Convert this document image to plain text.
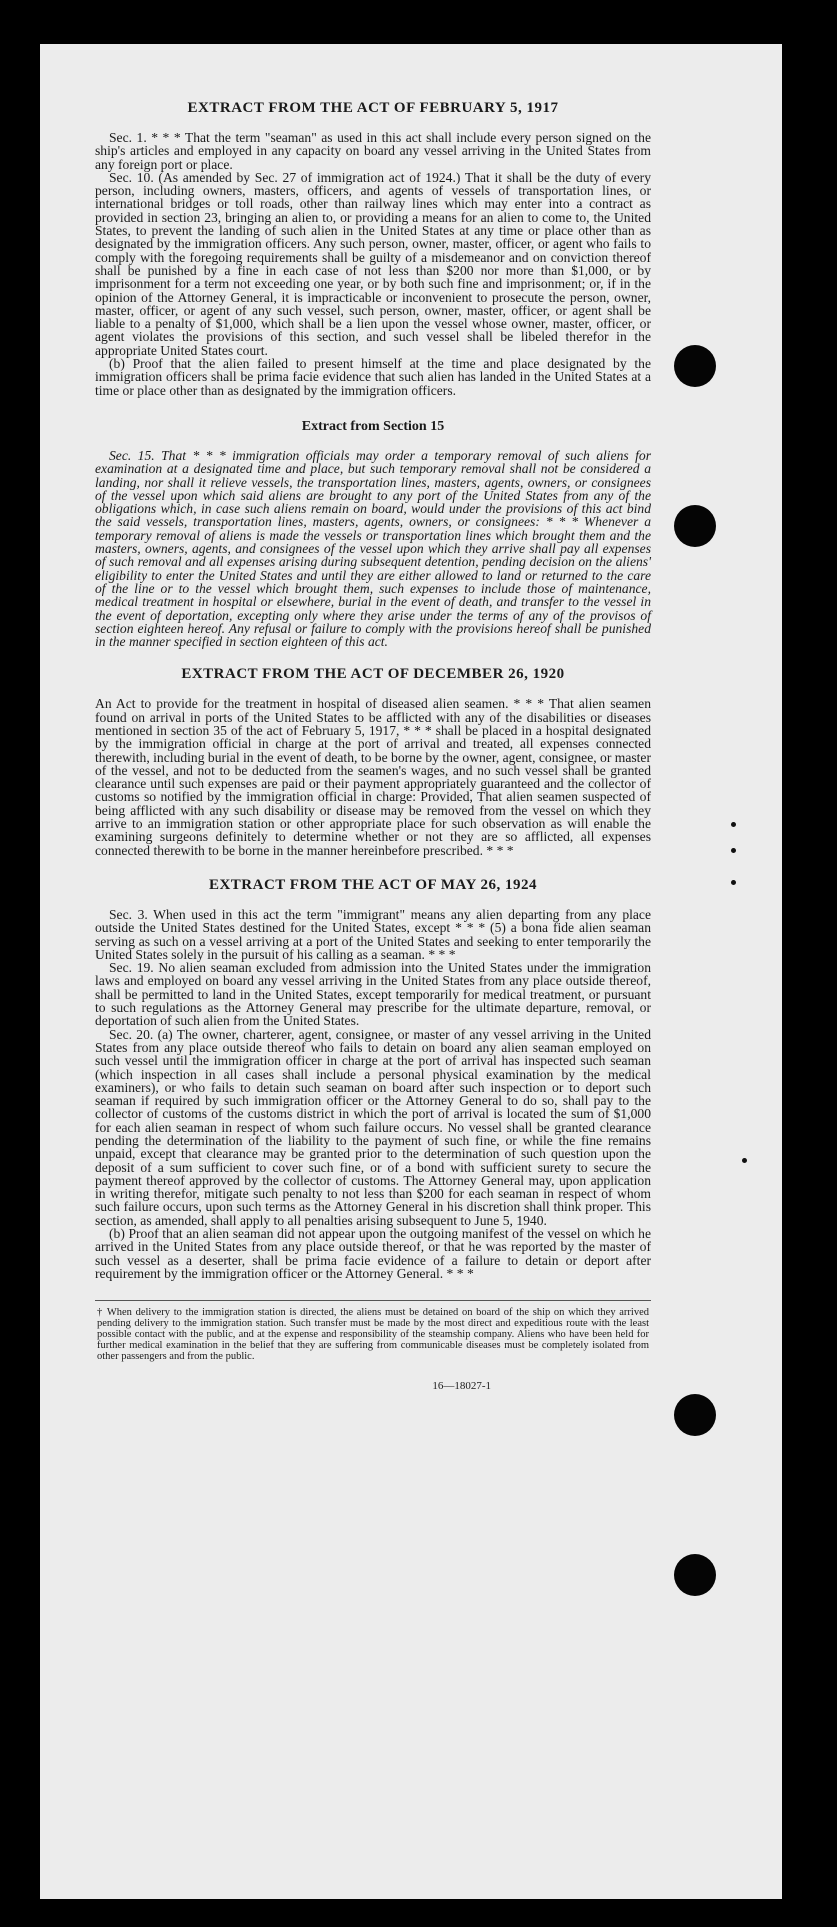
EXTRACT FROM THE ACT OF FEBRUARY 5, 1917

Sec. 1. * * * That the term "seaman" as used in this act shall include every person signed on the ship's articles and employed in any capacity on board any vessel arriving in the United States from any foreign port or place.

Sec. 10. (As amended by Sec. 27 of immigration act of 1924.) That it shall be the duty of every person, including owners, masters, officers, and agents of vessels of transportation lines, or international bridges or toll roads, other than railway lines which may enter into a contract as provided in section 23, bringing an alien to, or providing a means for an alien to come to, the United States, to prevent the landing of such alien in the United States at any time or place other than as designated by the immigration officers. Any such person, owner, master, officer, or agent who fails to comply with the foregoing requirements shall be guilty of a misdemeanor and on conviction thereof shall be punished by a fine in each case of not less than $200 nor more than $1,000, or by imprisonment for a term not exceeding one year, or by both such fine and imprisonment; or, if in the opinion of the Attorney General, it is impracticable or inconvenient to prosecute the person, owner, master, officer, or agent of any such vessel, such person, owner, master, officer, or agent shall be liable to a penalty of $1,000, which shall be a lien upon the vessel whose owner, master, officer, or agent violates the provisions of this section, and such vessel shall be libeled therefor in the appropriate United States court.

(b) Proof that the alien failed to present himself at the time and place designated by the immigration officers shall be prima facie evidence that such alien has landed in the United States at a time or place other than as designated by the immigration officers.

Extract from Section 15

Sec. 15. That * * * immigration officials may order a temporary removal of such aliens for examination at a designated time and place, but such temporary removal shall not be considered a landing, nor shall it relieve vessels, the transportation lines, masters, agents, owners, or consignees of the vessel upon which said aliens are brought to any port of the United States from any of the obligations which, in case such aliens remain on board, would under the provisions of this act bind the said vessels, transportation lines, masters, agents, owners, or consignees: * * * Whenever a temporary removal of aliens is made the vessels or transportation lines which brought them and the masters, owners, agents, and consignees of the vessel upon which they arrive shall pay all expenses of such removal and all expenses arising during subsequent detention, pending decision on the aliens' eligibility to enter the United States and until they are either allowed to land or returned to the care of the line or to the vessel which brought them, such expenses to include those of maintenance, medical treatment in hospital or elsewhere, burial in the event of death, and transfer to the vessel in the event of deportation, excepting only where they arise under the terms of any of the provisos of section eighteen hereof. Any refusal or failure to comply with the provisions hereof shall be punished in the manner specified in section eighteen of this act.

EXTRACT FROM THE ACT OF DECEMBER 26, 1920

An Act to provide for the treatment in hospital of diseased alien seamen. * * * That alien seamen found on arrival in ports of the United States to be afflicted with any of the disabilities or diseases mentioned in section 35 of the act of February 5, 1917, * * * shall be placed in a hospital designated by the immigration official in charge at the port of arrival and treated, all expenses connected therewith, including burial in the event of death, to be borne by the owner, agent, consignee, or master of the vessel, and not to be deducted from the seamen's wages, and no such vessel shall be granted clearance until such expenses are paid or their payment appropriately guaranteed and the collector of customs so notified by the immigration official in charge: Provided, That alien seamen suspected of being afflicted with any such disability or disease may be removed from the vessel on which they arrive to an immigration station or other appropriate place for such observation as will enable the examining surgeons definitely to determine whether or not they are so afflicted, all expenses connected therewith to be borne in the manner hereinbefore prescribed. * * *

EXTRACT FROM THE ACT OF MAY 26, 1924

Sec. 3. When used in this act the term "immigrant" means any alien departing from any place outside the United States destined for the United States, except * * * (5) a bona fide alien seaman serving as such on a vessel arriving at a port of the United States and seeking to enter temporarily the United States solely in the pursuit of his calling as a seaman. * * *

Sec. 19. No alien seaman excluded from admission into the United States under the immigration laws and employed on board any vessel arriving in the United States from any place outside thereof, shall be permitted to land in the United States, except temporarily for medical treatment, or pursuant to such regulations as the Attorney General may prescribe for the ultimate departure, removal, or deportation of such alien from the United States.

Sec. 20. (a) The owner, charterer, agent, consignee, or master of any vessel arriving in the United States from any place outside thereof who fails to detain on board any alien seaman employed on such vessel until the immigration officer in charge at the port of arrival has inspected such seaman (which inspection in all cases shall include a personal physical examination by the medical examiners), or who fails to detain such seaman on board after such inspection or to deport such seaman if required by such immigration officer or the Attorney General to do so, shall pay to the collector of customs of the customs district in which the port of arrival is located the sum of $1,000 for each alien seaman in respect of whom such failure occurs. No vessel shall be granted clearance pending the determination of the liability to the payment of such fine, or while the fine remains unpaid, except that clearance may be granted prior to the determination of such question upon the deposit of a sum sufficient to cover such fine, or of a bond with sufficient surety to secure the payment thereof approved by the collector of customs. The Attorney General may, upon application in writing therefor, mitigate such penalty to not less than $200 for each seaman in respect of whom such failure occurs, upon such terms as the Attorney General in his discretion shall think proper. This section, as amended, shall apply to all penalties arising subsequent to June 5, 1940.

(b) Proof that an alien seaman did not appear upon the outgoing manifest of the vessel on which he arrived in the United States from any place outside thereof, or that he was reported by the master of such vessel as a deserter, shall be prima facie evidence of a failure to detain or deport after requirement by the immigration officer or the Attorney General. * * *

† When delivery to the immigration station is directed, the aliens must be detained on board of the ship on which they arrived pending delivery to the immigration station. Such transfer must be made by the most direct and expeditious route with the least possible contact with the public, and at the expense and responsibility of the steamship company. Aliens who have been held for further medical examination in the belief that they are suffering from communicable diseases must be completely isolated from other passengers and from the public.

16—18027-1
